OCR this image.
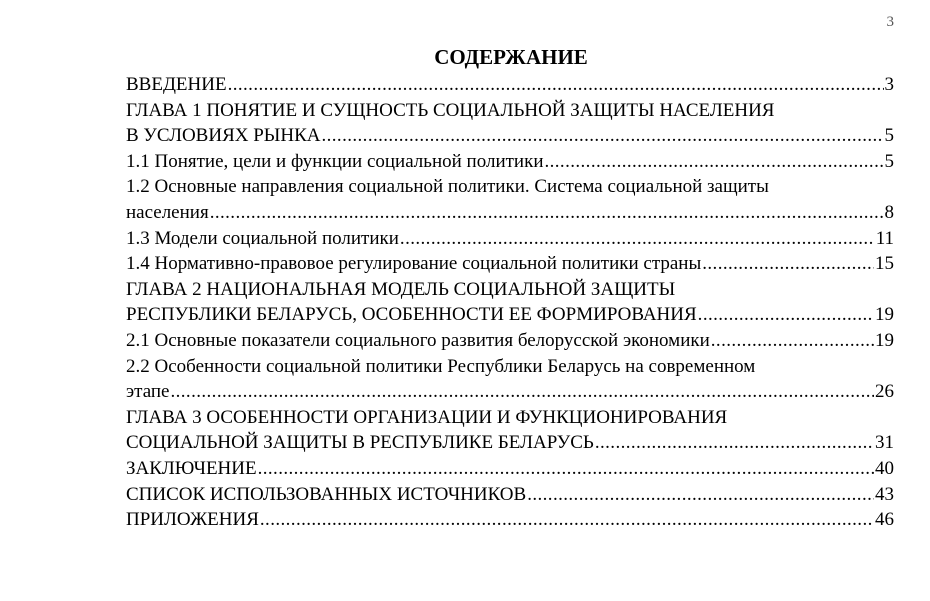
3
СОДЕРЖАНИЕ
ВВЕДЕНИЕ .....	3
ГЛАВА 1 ПОНЯТИЕ И СУЩНОСТЬ СОЦИАЛЬНОЙ ЗАЩИТЫ НАСЕЛЕНИЯ
В УСЛОВИЯХ РЫНКА .....	5
1.1 Понятие, цели и функции социальной политики .....	5
1.2 Основные направления социальной политики. Система социальной защиты
населения .....	8
1.3 Модели социальной политики .....	11
1.4 Нормативно-правовое регулирование социальной политики страны .....	15
ГЛАВА 2 НАЦИОНАЛЬНАЯ МОДЕЛЬ СОЦИАЛЬНОЙ ЗАЩИТЫ
РЕСПУБЛИКИ БЕЛАРУСЬ, ОСОБЕННОСТИ ЕЕ ФОРМИРОВАНИЯ .....	19
2.1 Основные показатели социального развития белорусской экономики .....	19
2.2 Особенности социальной политики Республики Беларусь на современном
этапе .....	26
ГЛАВА 3 ОСОБЕННОСТИ ОРГАНИЗАЦИИ И ФУНКЦИОНИРОВАНИЯ
СОЦИАЛЬНОЙ ЗАЩИТЫ В РЕСПУБЛИКЕ БЕЛАРУСЬ .....	31
ЗАКЛЮЧЕНИЕ .....	40
СПИСОК ИСПОЛЬЗОВАННЫХ ИСТОЧНИКОВ .....	43
ПРИЛОЖЕНИЯ .....	46
